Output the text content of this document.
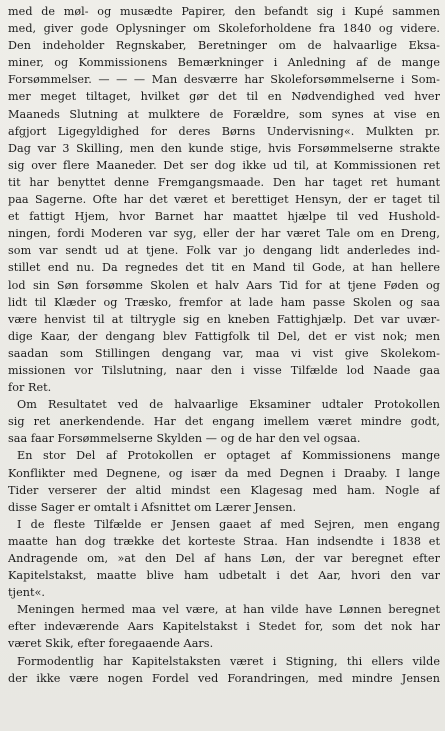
med de møl- og musædte Papirer, den befandt sig i Kupé sammen
med, giver gode Oplysninger om Skoleforholdene fra 1840 og videre.
Den indeholder Regnskaber, Beretninger om de halvaarlige Eksa-
miner, og Kommissionens Bemærkninger i Anledning af de mange
Forsømmelser. — — — Man desværre har Skoleforsømmelserne i Som-
mer meget tiltaget, hvilket gør det til en Nødvendighed ved hver
Maaneds Slutning at mulktere de Forældre, som synes at vise en
afgjort Ligegyldighed for deres Børns Undervisning«. Mulkten pr.
Dag var 3 Skilling, men den kunde stige, hvis Forsømmelserne strakte
sig over flere Maaneder. Det ser dog ikke ud til, at Kommissionen ret
tit har benyttet denne Fremgangsmaade. Den har taget ret humant
paa Sagerne. Ofte har det været et berettiget Hensyn, der er taget til
et fattigt Hjem, hvor Barnet har maattet hjælpe til ved Hushold-
ningen, fordi Moderen var syg, eller der har været Tale om en Dreng,
som var sendt ud at tjene. Folk var jo dengang lidt anderledes ind-
stillet end nu. Da regnedes det tit en Mand til Gode, at han hellere
lod sin Søn forsømme Skolen et halv Aars Tid for at tjene Føden og
lidt til Klæder og Træsko, fremfor at lade ham passe Skolen og saa
være henvist til at tiltrygle sig en kneben Fattighjælp. Det var uvær-
dige Kaar, der dengang blev Fattigfolk til Del, det er vist nok; men
saadan som Stillingen dengang var, maa vi vist give Skolekom-
missionen vor Tilslutning, naar den i visse Tilfælde lod Naade gaa
for Ret.
Om Resultatet ved de halvaarlige Eksaminer udtaler Protokollen
sig ret anerkendende. Har det engang imellem været mindre godt,
saa faar Forsømmelserne Skylden — og de har den vel ogsaa.
En stor Del af Protokollen er optaget af Kommissionens mange
Konflikter med Degnene, og især da med Degnen i Draaby. I lange
Tider verserer der altid mindst een Klagesag med ham. Nogle af
disse Sager er omtalt i Afsnittet om Lærer Jensen.
I de fleste Tilfælde er Jensen gaaet af med Sejren, men engang
maatte han dog trække det korteste Straa. Han indsendte i 1838 et
Andragende om, »at den Del af hans Løn, der var beregnet efter
Kapitelstakst, maatte blive ham udbetalt i det Aar, hvori den var
tjent«.
Meningen hermed maa vel være, at han vilde have Lønnen beregnet
efter indeværende Aars Kapitelstakst i Stedet for, som det nok har
været Skik, efter foregaaende Aars.
Formodentlig har Kapitelstaksten været i Stigning, thi ellers vilde
der ikke være nogen Fordel ved Forandringen, med mindre Jensen
